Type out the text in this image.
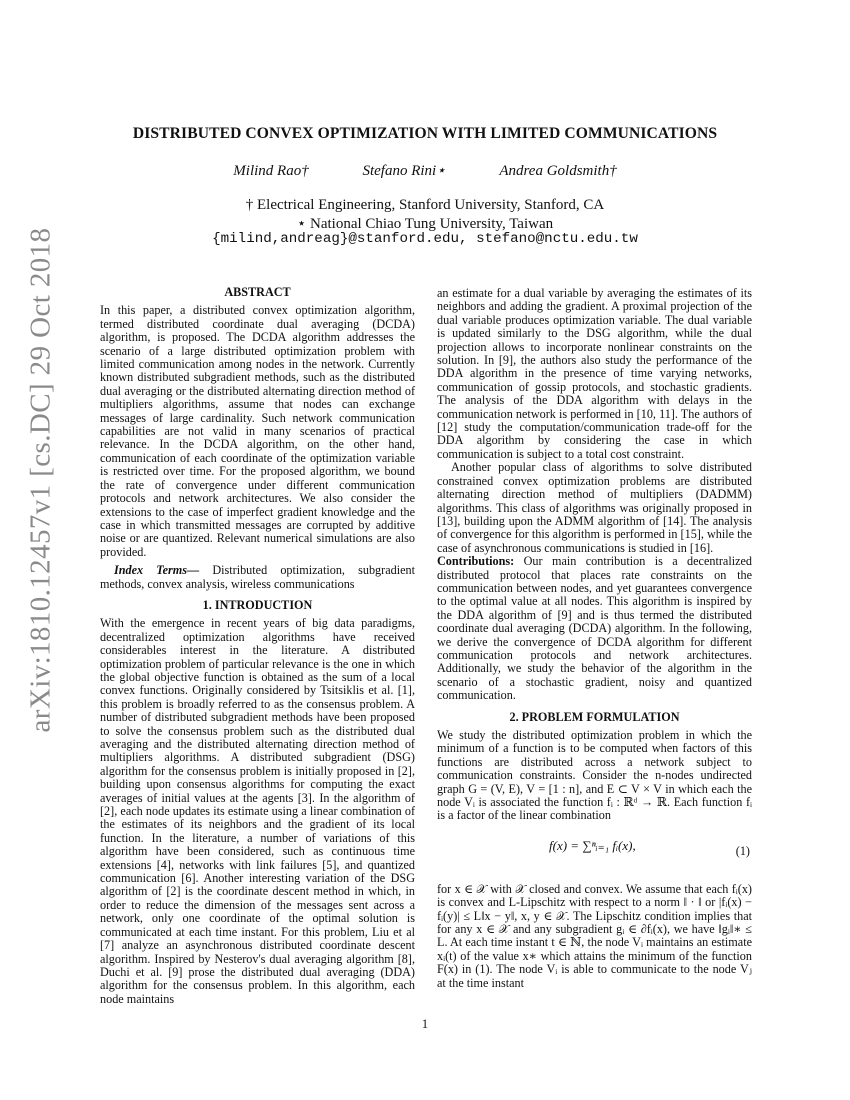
arXiv:1810.12457v1 [cs.DC] 29 Oct 2018
DISTRIBUTED CONVEX OPTIMIZATION WITH LIMITED COMMUNICATIONS
Milind Rao†	Stefano Rini⋆	Andrea Goldsmith†
† Electrical Engineering, Stanford University, Stanford, CA
⋆ National Chiao Tung University, Taiwan
{milind,andreag}@stanford.edu, stefano@nctu.edu.tw
ABSTRACT

In this paper, a distributed convex optimization algorithm, termed distributed coordinate dual averaging (DCDA) algorithm, is proposed. The DCDA algorithm addresses the scenario of a large distributed optimization problem with limited communication among nodes in the network. Currently known distributed subgradient methods, such as the distributed dual averaging or the distributed alternating direction method of multipliers algorithms, assume that nodes can exchange messages of large cardinality. Such network communication capabilities are not valid in many scenarios of practical relevance. In the DCDA algorithm, on the other hand, communication of each coordinate of the optimization variable is restricted over time. For the proposed algorithm, we bound the rate of convergence under different communication protocols and network architectures. We also consider the extensions to the case of imperfect gradient knowledge and the case in which transmitted messages are corrupted by additive noise or are quantized. Relevant numerical simulations are also provided.

Index Terms— Distributed optimization, subgradient methods, convex analysis, wireless communications

1. INTRODUCTION

With the emergence in recent years of big data paradigms, decentralized optimization algorithms have received considerables interest in the literature. A distributed optimization problem of particular relevance is the one in which the global objective function is obtained as the sum of a local convex functions. Originally considered by Tsitsiklis et al. [1], this problem is broadly referred to as the consensus problem. A number of distributed subgradient methods have been proposed to solve the consensus problem such as the distributed dual averaging and the distributed alternating direction method of multipliers algorithms. A distributed subgradient (DSG) algorithm for the consensus problem is initially proposed in [2], building upon consensus algorithms for computing the exact averages of initial values at the agents [3]. In the algorithm of [2], each node updates its estimate using a linear combination of the estimates of its neighbors and the gradient of its local function. In the literature, a number of variations of this algorithm have been considered, such as continuous time extensions [4], networks with link failures [5], and quantized communication [6]. Another interesting variation of the DSG algorithm of [2] is the coordinate descent method in which, in order to reduce the dimension of the messages sent across a network, only one coordinate of the optimal solution is communicated at each time instant. For this problem, Liu et al [7] analyze an asynchronous distributed coordinate descent algorithm. Inspired by Nesterov's dual averaging algorithm [8], Duchi et al. [9] prose the distributed dual averaging (DDA) algorithm for the consensus problem. In this algorithm, each node maintains

an estimate for a dual variable by averaging the estimates of its neighbors and adding the gradient. A proximal projection of the dual variable produces optimization variable. The dual variable is updated similarly to the DSG algorithm, while the dual projection allows to incorporate nonlinear constraints on the solution. In [9], the authors also study the performance of the DDA algorithm in the presence of time varying networks, communication of gossip protocols, and stochastic gradients. The analysis of the DDA algorithm with delays in the communication network is performed in [10, 11]. The authors of [12] study the computation/communication trade-off for the DDA algorithm by considering the case in which communication is subject to a total cost constraint.

Another popular class of algorithms to solve distributed constrained convex optimization problems are distributed alternating direction method of multipliers (DADMM) algorithms. This class of algorithms was originally proposed in [13], building upon the ADMM algorithm of [14]. The analysis of convergence for this algorithm is performed in [15], while the case of asynchronous communications is studied in [16].

Contributions: Our main contribution is a decentralized distributed protocol that places rate constraints on the communication between nodes, and yet guarantees convergence to the optimal value at all nodes. This algorithm is inspired by the DDA algorithm of [9] and is thus termed the distributed coordinate dual averaging (DCDA) algorithm. In the following, we derive the convergence of DCDA algorithm for different communication protocols and network architectures. Additionally, we study the behavior of the algorithm in the scenario of a stochastic gradient, noisy and quantized communication.

2. PROBLEM FORMULATION

We study the distributed optimization problem in which the minimum of a function is to be computed when factors of this functions are distributed across a network subject to communication constraints. Consider the n-nodes undirected graph G = (V, E), V = [1 : n], and E ⊂ V × V in which each the node Vᵢ is associated the function fᵢ : ℝᵈ → ℝ. Each function fᵢ is a factor of the linear combination

f(x) = ∑ⁿᵢ₌₁ fᵢ(x),	(1)

for x ∈ 𝒳 with 𝒳 closed and convex. We assume that each fᵢ(x) is convex and L-Lipschitz with respect to a norm ‖ · ‖ or |fᵢ(x) − fᵢ(y)| ≤ L‖x − y‖, x, y ∈ 𝒳. The Lipschitz condition implies that for any x ∈ 𝒳 and any subgradient gᵢ ∈ ∂fᵢ(x), we have ‖gᵢ‖∗ ≤ L. At each time instant t ∈ ℕ, the node Vᵢ maintains an estimate xᵢ(t) of the value x∗ which attains the minimum of the function F(x) in (1). The node Vᵢ is able to communicate to the node Vⱼ at the time instant

1
